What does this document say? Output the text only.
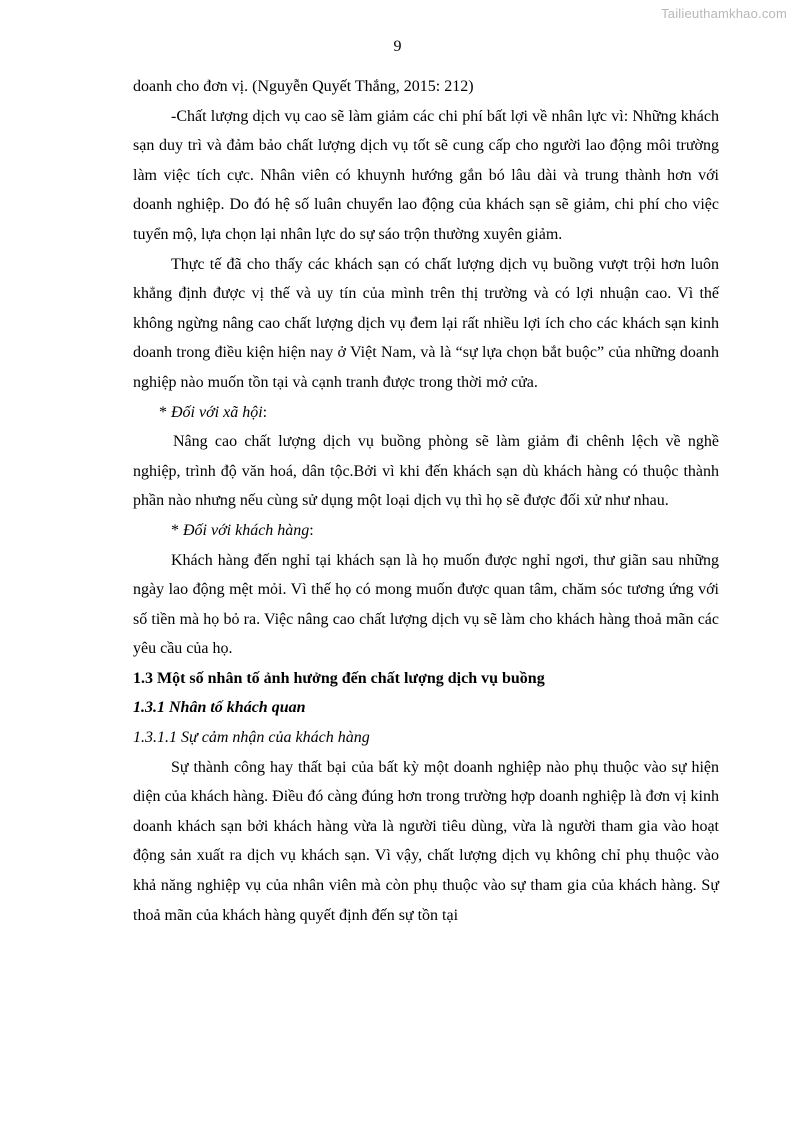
Tailieuthamkhao.com
9

doanh cho đơn vị. (Nguyễn Quyết Thắng, 2015: 212)

-Chất lượng dịch vụ cao sẽ làm giảm các chi phí bất lợi về nhân lực vì: Những khách sạn duy trì và đảm bảo chất lượng dịch vụ tốt sẽ cung cấp cho người lao động môi trường làm việc tích cực. Nhân viên có khuynh hướng gắn bó lâu dài và trung thành hơn với doanh nghiệp. Do đó hệ số luân chuyển lao động của khách sạn sẽ giảm, chi phí cho việc tuyển mộ, lựa chọn lại nhân lực do sự sáo trộn thường xuyên giảm.

Thực tế đã cho thấy các khách sạn có chất lượng dịch vụ buồng vượt trội hơn luôn khẳng định được vị thế và uy tín của mình trên thị trường và có lợi nhuận cao. Vì thế không ngừng nâng cao chất lượng dịch vụ đem lại rất nhiều lợi ích cho các khách sạn kinh doanh trong điều kiện hiện nay ở Việt Nam, và là “sự lựa chọn bắt buộc” của những doanh nghiệp nào muốn tồn tại và cạnh tranh được trong thời mở cửa.

* Đối với xã hội:

Nâng cao chất lượng dịch vụ buồng phòng sẽ làm giảm đi chênh lệch về nghề nghiệp, trình độ văn hoá, dân tộc.Bởi vì khi đến khách sạn dù khách hàng có thuộc thành phần nào nhưng nếu cùng sử dụng một loại dịch vụ thì họ sẽ được đối xử như nhau.

* Đối với khách hàng:

Khách hàng đến nghỉ tại khách sạn là họ muốn được nghỉ ngơi, thư giãn sau những ngày lao động mệt mỏi. Vì thế họ có mong muốn được quan tâm, chăm sóc tương ứng với số tiền mà họ bỏ ra. Việc nâng cao chất lượng dịch vụ sẽ làm cho khách hàng thoả mãn các yêu cầu của họ.

1.3 Một số nhân tố ảnh hưởng đến chất lượng dịch vụ buồng

1.3.1 Nhân tố khách quan

1.3.1.1 Sự cảm nhận của khách hàng

Sự thành công hay thất bại của bất kỳ một doanh nghiệp nào phụ thuộc vào sự hiện diện của khách hàng. Điều đó càng đúng hơn trong trường hợp doanh nghiệp là đơn vị kinh doanh khách sạn bởi khách hàng vừa là người tiêu dùng, vừa là người tham gia vào hoạt động sản xuất ra dịch vụ khách sạn. Vì vậy, chất lượng dịch vụ không chỉ phụ thuộc vào khả năng nghiệp vụ của nhân viên mà còn phụ thuộc vào sự tham gia của khách hàng. Sự thoả mãn của khách hàng quyết định đến sự tồn tại
